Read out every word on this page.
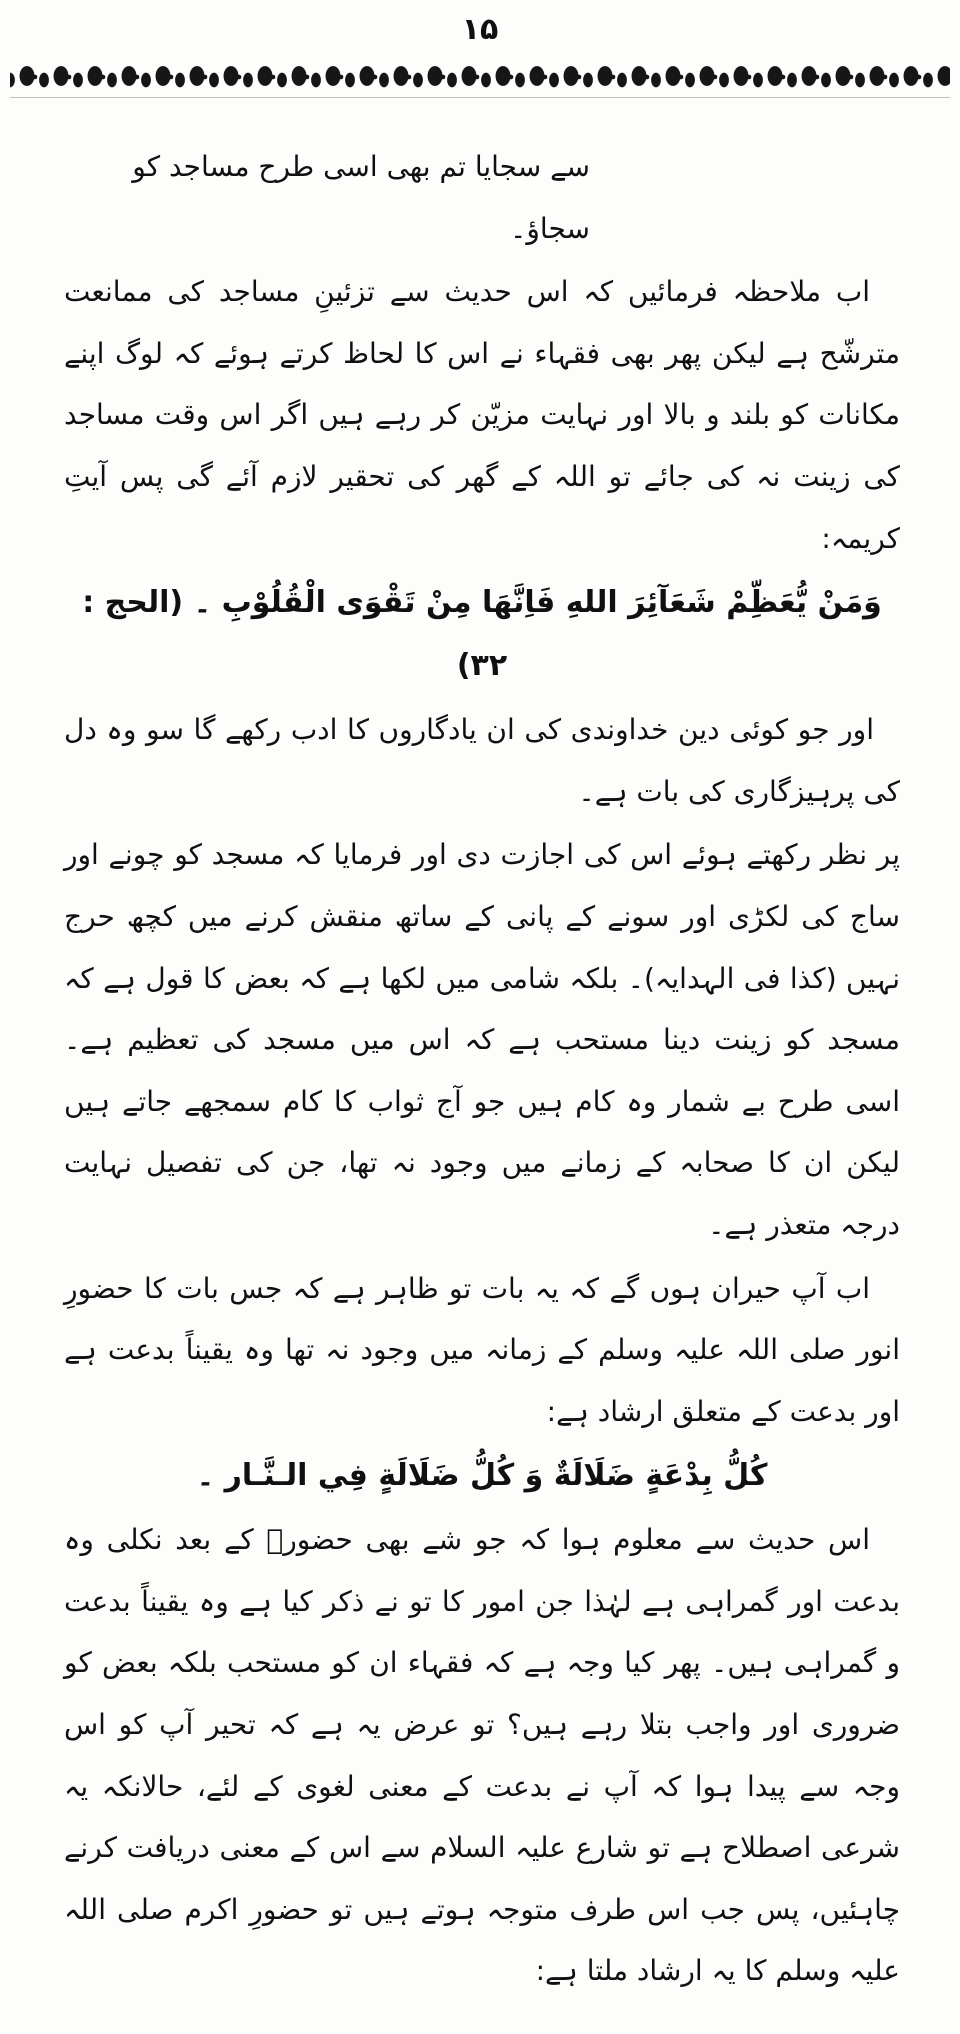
۱۵

سے سجایا تم بھی اسی طرح مساجد کو سجاؤ۔

اب ملاحظہ فرمائیں کہ اس حدیث سے تزئینِ مساجد کی ممانعت مترشّح ہے لیکن پھر بھی فقہاء نے اس کا لحاظ کرتے ہوئے کہ لوگ اپنے مکانات کو بلند و بالا اور نہایت مزیّن کر رہے ہیں اگر اس وقت مساجد کی زینت نہ کی جائے تو اللہ کے گھر کی تحقیر لازم آئے گی پس آیتِ کریمہ:

وَمَنْ يُّعَظِّمْ شَعَآئِرَ اللهِ فَاِنَّهَا مِنْ تَقْوَى الْقُلُوْبِ ۔ (الحج : ۳۲)

اور جو کوئی دین خداوندی کی ان یادگاروں کا ادب رکھے گا سو وہ دل کی پرہیزگاری کی بات ہے۔

پر نظر رکھتے ہوئے اس کی اجازت دی اور فرمایا کہ مسجد کو چونے اور ساج کی لکڑی اور سونے کے پانی کے ساتھ منقش کرنے میں کچھ حرج نہیں (کذا فی الہدایہ)۔ بلکہ شامی میں لکھا ہے کہ بعض کا قول ہے کہ مسجد کو زینت دینا مستحب ہے کہ اس میں مسجد کی تعظیم ہے۔ اسی طرح بے شمار وہ کام ہیں جو آج ثواب کا کام سمجھے جاتے ہیں لیکن ان کا صحابہ کے زمانے میں وجود نہ تھا، جن کی تفصیل نہایت درجہ متعذر ہے۔

اب آپ حیران ہوں گے کہ یہ بات تو ظاہر ہے کہ جس بات کا حضورِ انور صلی اللہ علیہ وسلم کے زمانہ میں وجود نہ تھا وہ یقیناً بدعت ہے اور بدعت کے متعلق ارشاد ہے:

كُلُّ بِدْعَةٍ ضَلَالَةٌ وَ كُلُّ ضَلَالَةٍ فِي الـنَّـار ۔

اس حدیث سے معلوم ہوا کہ جو شے بھی حضورؐ کے بعد نکلی وہ بدعت اور گمراہی ہے لہٰذا جن امور کا تو نے ذکر کیا ہے وہ یقیناً بدعت و گمراہی ہیں۔ پھر کیا وجہ ہے کہ فقہاء ان کو مستحب بلکہ بعض کو ضروری اور واجب بتلا رہے ہیں؟ تو عرض یہ ہے کہ تحیر آپ کو اس وجہ سے پیدا ہوا کہ آپ نے بدعت کے معنی لغوی کے لئے، حالانکہ یہ شرعی اصطلاح ہے تو شارع علیہ السلام سے اس کے معنی دریافت کرنے چاہئیں، پس جب اس طرف متوجہ ہوتے ہیں تو حضورِ اکرم صلی اللہ علیہ وسلم کا یہ ارشاد ملتا ہے:
